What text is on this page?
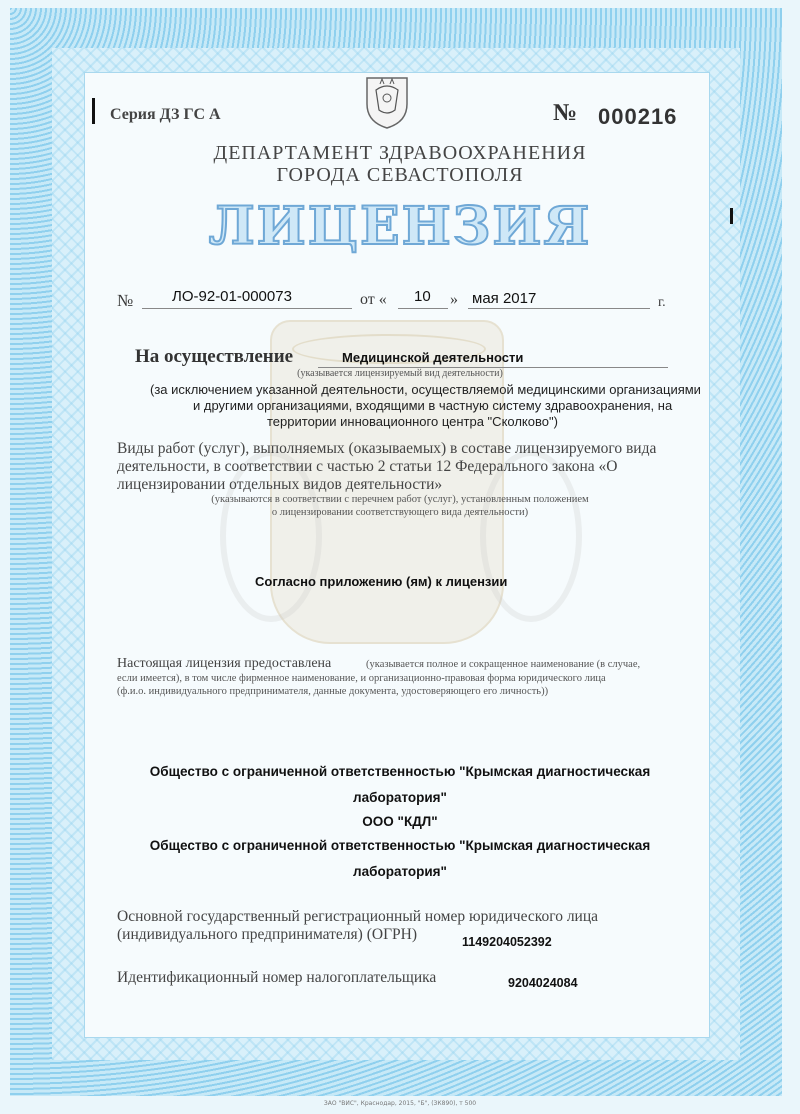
Серия ДЗ ГС А	№ 000216
ДЕПАРТАМЕНТ ЗДРАВООХРАНЕНИЯ
ГОРОДА СЕВАСТОПОЛЯ
ЛИЦЕНЗИЯ
№	ЛО-92-01-000073	от « 10 » мая 2017	г.
На осуществление	Медицинской деятельности
(указывается лицензируемый вид деятельности)
(за исключением указанной деятельности, осуществляемой медицинскими организациями
и другими организациями, входящими в частную систему здравоохранения, на
территории инновационного центра "Сколково")
Виды работ (услуг), выполняемых (оказываемых) в составе лицензируемого вида
деятельности, в соответствии с частью 2 статьи 12 Федерального закона «О
лицензировании отдельных видов деятельности»
(указываются в соответствии с перечнем работ (услуг), установленным положением
о лицензировании соответствующего вида деятельности)
Согласно приложению (ям) к лицензии
Настоящая лицензия предоставлена	(указывается полное и сокращенное наименование (в случае,
если имеется), в том числе фирменное наименование, и организационно-правовая форма юридического лица
(ф.и.о. индивидуального предпринимателя, данные документа, удостоверяющего его личность))
Общество с ограниченной ответственностью "Крымская диагностическая
лаборатория"
ООО "КДЛ"
Общество с ограниченной ответственностью "Крымская диагностическая
лаборатория"
Основной государственный регистрационный номер юридического лица
(индивидуального предпринимателя) (ОГРН)	1149204052392
Идентификационный номер налогоплательщика	9204024084
ЗАО "ВИС", Краснодар, 2015, "Б", (ЗК890), т 500
